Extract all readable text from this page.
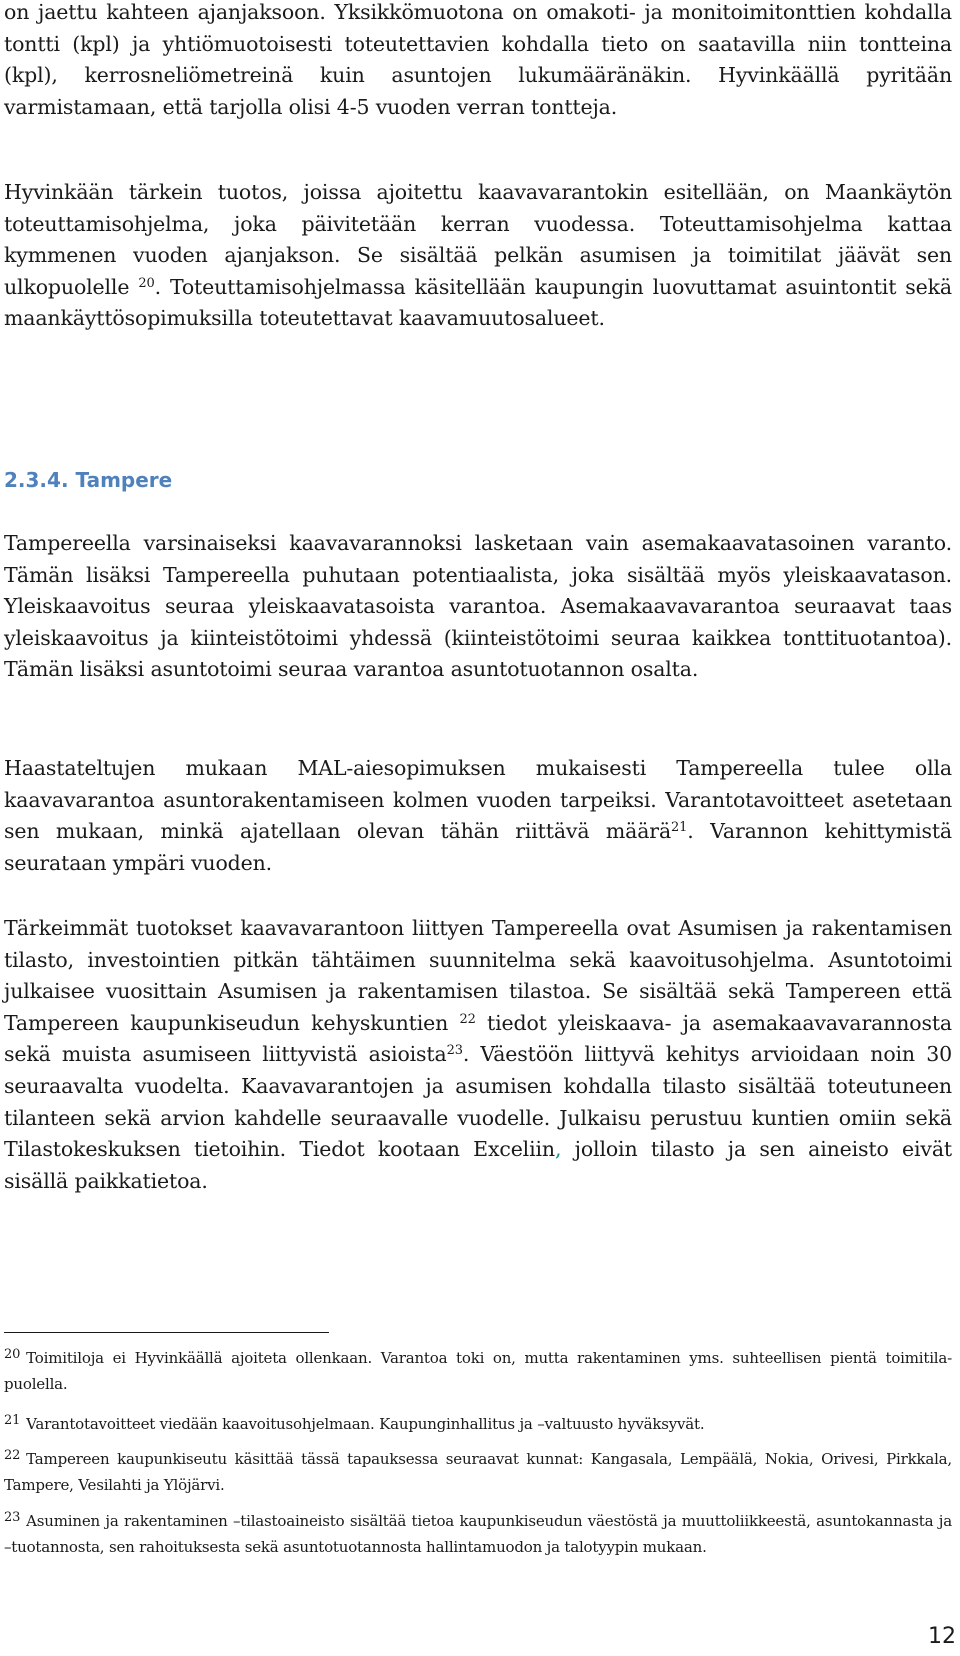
on jaettu kahteen ajanjaksoon. Yksikkömuotona on omakoti- ja monitoimitonttien kohdalla tontti (kpl) ja yhtiömuotoisesti toteutettavien kohdalla tieto on saatavilla niin tontteina (kpl), kerrosneliömetreinä kuin asuntojen lukumääränäkin. Hyvinkäällä pyritään varmistamaan, että tarjolla olisi 4-5 vuoden verran tontteja.

Hyvinkään tärkein tuotos, joissa ajoitettu kaavavarantokin esitellään, on Maankäytön toteuttamisohjelma, joka päivitetään kerran vuodessa. Toteuttamisohjelma kattaa kymmenen vuoden ajanjakson. Se sisältää pelkän asumisen ja toimitilat jäävät sen ulkopuolelle $^{20}$. Toteuttamisohjelmassa käsitellään kaupungin luovuttamat asuintontit sekä maankäyttösopimuksilla toteutettavat kaavamuutosalueet.

2.3.4. Tampere

Tampereella varsinaiseksi kaavavarannoksi lasketaan vain asemakaavatasoinen varanto. Tämän lisäksi Tampereella puhutaan potentiaalista, joka sisältää myös yleiskaavatason. Yleiskaavoitus seuraa yleiskaavatasoista varantoa. Asemakaavavarantoa seuraavat taas yleiskaavoitus ja kiinteistötoimi yhdessä (kiinteistötoimi seuraa kaikkea tonttituotantoa). Tämän lisäksi asuntotoimi seuraa varantoa asuntotuotannon osalta.

Haastateltujen mukaan MAL-aiesopimuksen mukaisesti Tampereella tulee olla kaavavarantoa asuntorakentamiseen kolmen vuoden tarpeiksi. Varantotavoitteet asetetaan sen mukaan, minkä ajatellaan olevan tähän riittävä määrä$^{21}$. Varannon kehittymistä seurataan ympäri vuoden.

Tärkeimmät tuotokset kaavavarantoon liittyen Tampereella ovat Asumisen ja rakentamisen tilasto, investointien pitkän tähtäimen suunnitelma sekä kaavoitusohjelma. Asuntotoimi julkaisee vuosittain Asumisen ja rakentamisen tilastoa. Se sisältää sekä Tampereen että Tampereen kaupunkiseudun kehyskuntien $^{22}$ tiedot yleiskaava- ja asemakaavavarannosta sekä muista asumiseen liittyvistä asioista$^{23}$. Väestöön liittyvä kehitys arvioidaan noin 30 seuraavalta vuodelta. Kaavavarantojen ja asumisen kohdalla tilasto sisältää toteutuneen tilanteen sekä arvion kahdelle seuraavalle vuodelle. Julkaisu perustuu kuntien omiin sekä Tilastokeskuksen tietoihin. Tiedot kootaan Exceliin, jolloin tilasto ja sen aineisto eivät sisällä paikkatietoa.

20 Toimitiloja ei Hyvinkäällä ajoiteta ollenkaan. Varantoa toki on, mutta rakentaminen yms. suhteellisen pientä toimitila-puolella.

21 Varantotavoitteet viedään kaavoitusohjelmaan. Kaupunginhallitus ja –valtuusto hyväksyvät.

22 Tampereen kaupunkiseutu käsittää tässä tapauksessa seuraavat kunnat: Kangasala, Lempäälä, Nokia, Orivesi, Pirkkala, Tampere, Vesilahti ja Ylöjärvi.

23 Asuminen ja rakentaminen –tilastoaineisto sisältää tietoa kaupunkiseudun väestöstä ja muuttoliikkeestä, asuntokannasta ja –tuotannosta, sen rahoituksesta sekä asuntotuotannosta hallintamuodon ja talotyypin mukaan.

12
